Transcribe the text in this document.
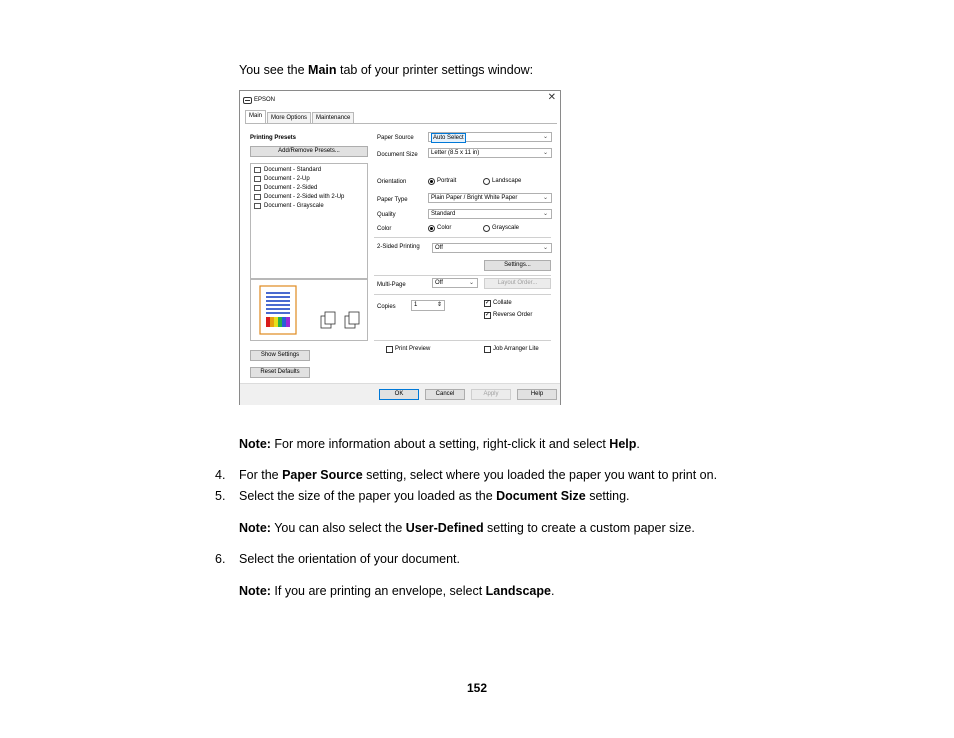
You see the Main tab of your printer settings window:
EPSON	✕
Main	More Options	Maintenance
Printing Presets
Add/Remove Presets...
Document - Standard
Document - 2-Up
Document - 2-Sided
Document - 2-Sided with 2-Up
Document - Grayscale
Show Settings
Reset Defaults
Paper Source	Auto Select	⌄
Document Size	Letter (8.5 x 11 in)	⌄
Orientation	Portrait	Landscape
Paper Type	Plain Paper / Bright White Paper	⌄
Quality	Standard	⌄
Color	Color	Grayscale
2-Sided Printing	Off	⌄
Settings...
Multi-Page	Off	⌄	Layout Order...
Copies	1	⇕	✓ Collate
✓ Reverse Order
Print Preview	Job Arranger Lite
OK	Cancel	Apply	Help
Note: For more information about a setting, right-click it and select Help.
4. For the Paper Source setting, select where you loaded the paper you want to print on.
5. Select the size of the paper you loaded as the Document Size setting.
Note: You can also select the User-Defined setting to create a custom paper size.
6. Select the orientation of your document.
Note: If you are printing an envelope, select Landscape.
152
